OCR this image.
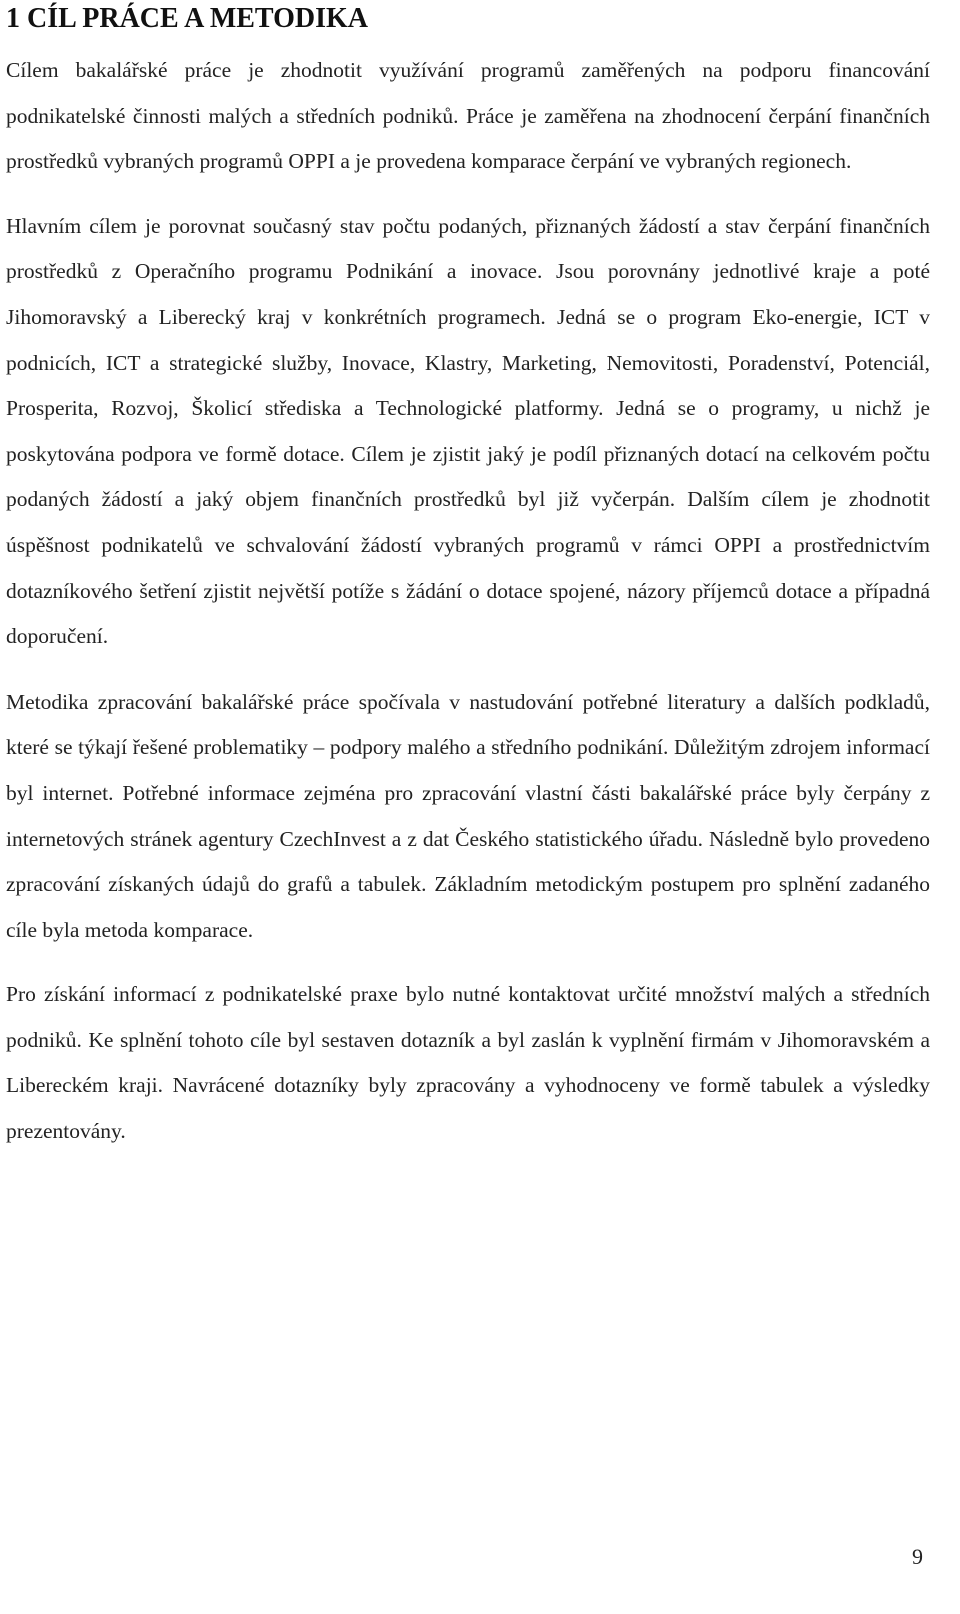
1 CÍL PRÁCE A METODIKA

Cílem bakalářské práce je zhodnotit využívání programů zaměřených na podporu financování podnikatelské činnosti malých a středních podniků. Práce je zaměřena na zhodnocení čerpání finančních prostředků vybraných programů OPPI a je provedena komparace čerpání ve vybraných regionech.

Hlavním cílem je porovnat současný stav počtu podaných, přiznaných žádostí a stav čerpání finančních prostředků z Operačního programu Podnikání a inovace. Jsou porovnány jednotlivé kraje a poté Jihomoravský a Liberecký kraj v konkrétních programech. Jedná se o program Eko-energie, ICT v podnicích, ICT a strategické služby, Inovace, Klastry, Marketing, Nemovitosti, Poradenství, Potenciál, Prosperita, Rozvoj, Školicí střediska a Technologické platformy. Jedná se o programy, u nichž je poskytována podpora ve formě dotace. Cílem je zjistit jaký je podíl přiznaných dotací na celkovém počtu podaných žádostí a jaký objem finančních prostředků byl již vyčerpán. Dalším cílem je zhodnotit úspěšnost podnikatelů ve schvalování žádostí vybraných programů v rámci OPPI a prostřednictvím dotazníkového šetření zjistit největší potíže s žádání o dotace spojené, názory příjemců dotace a případná doporučení.

Metodika zpracování bakalářské práce spočívala v nastudování potřebné literatury a dalších podkladů, které se týkají řešené problematiky – podpory malého a středního podnikání. Důležitým zdrojem informací byl internet. Potřebné informace zejména pro zpracování vlastní části bakalářské práce byly čerpány z internetových stránek agentury CzechInvest a z dat Českého statistického úřadu. Následně bylo provedeno zpracování získaných údajů do grafů a tabulek. Základním metodickým postupem pro splnění zadaného cíle byla metoda komparace.

Pro získání informací z podnikatelské praxe bylo nutné kontaktovat určité množství malých a středních podniků. Ke splnění tohoto cíle byl sestaven dotazník a byl zaslán k vyplnění firmám v Jihomoravském a Libereckém kraji. Navrácené dotazníky byly zpracovány a vyhodnoceny ve formě tabulek a výsledky prezentovány.

9
